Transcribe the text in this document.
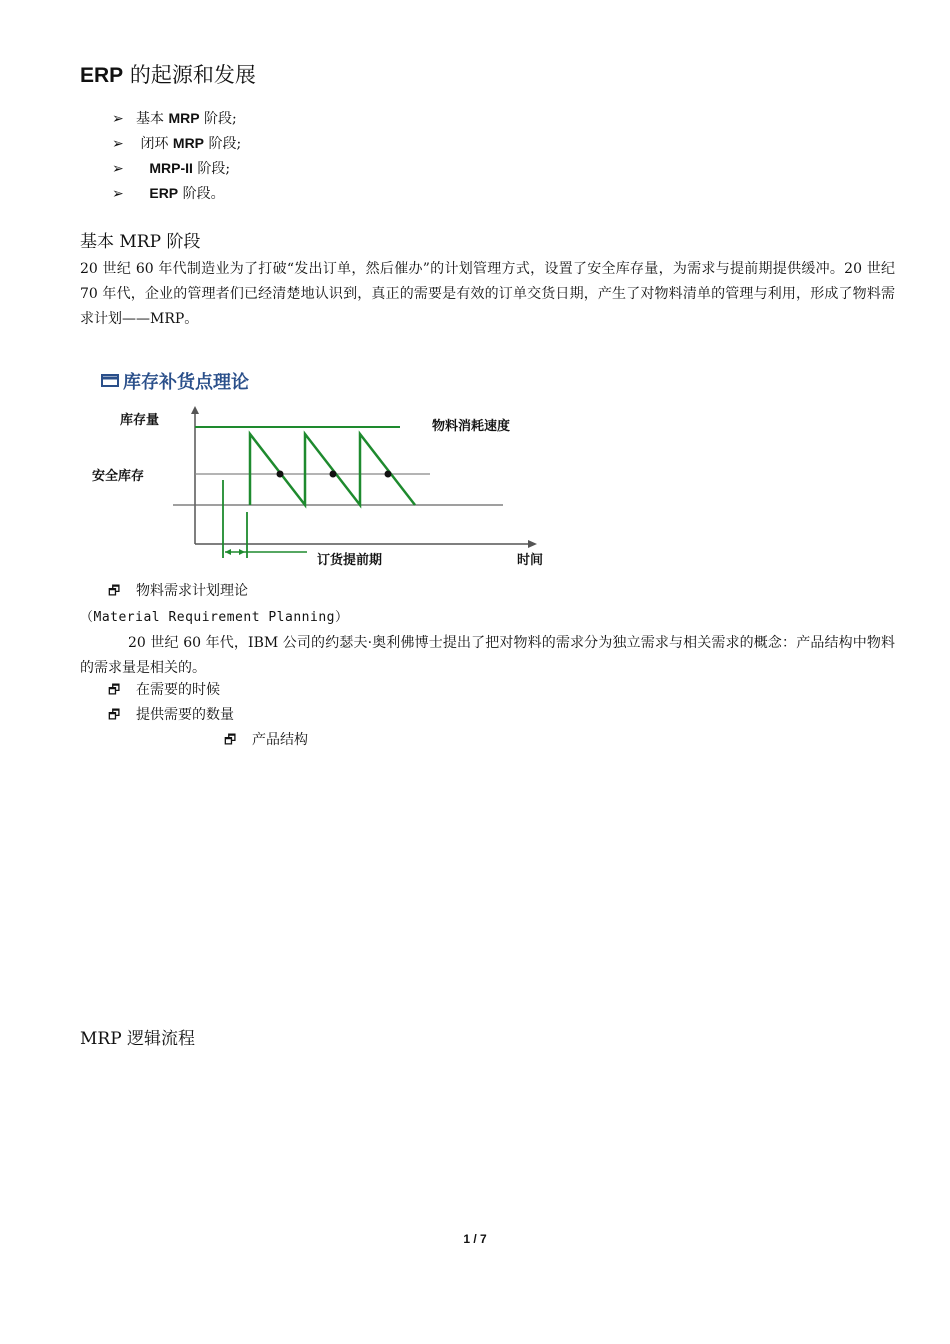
ERP 的起源和发展
➢ 基本 MRP 阶段;
➢ 闭环 MRP 阶段;
➢ MRP-II 阶段;
➢ ERP 阶段。
基本 MRP 阶段
20 世纪 60 年代制造业为了打破“发出订单，然后催办”的计划管理方式，设置了安全库存量，为需求与提前期提供缓冲。20 世纪 70 年代，企业的管理者们已经清楚地认识到，真正的需要是有效的订单交货日期，产生了对物料清单的管理与利用，形成了物料需求计划——MRP。
库存补货点理论
库存量
安全库存
物料消耗速度
订货提前期	时间
🗗 物料需求计划理论
（Material Requirement Planning）
20 世纪 60 年代，IBM 公司的约瑟夫·奥利佛博士提出了把对物料的需求分为独立需求与相关需求的概念：产品结构中物料的需求量是相关的。
🗗 在需要的时候
🗗 提供需要的数量
🗗 产品结构
MRP 逻辑流程
1 / 7
